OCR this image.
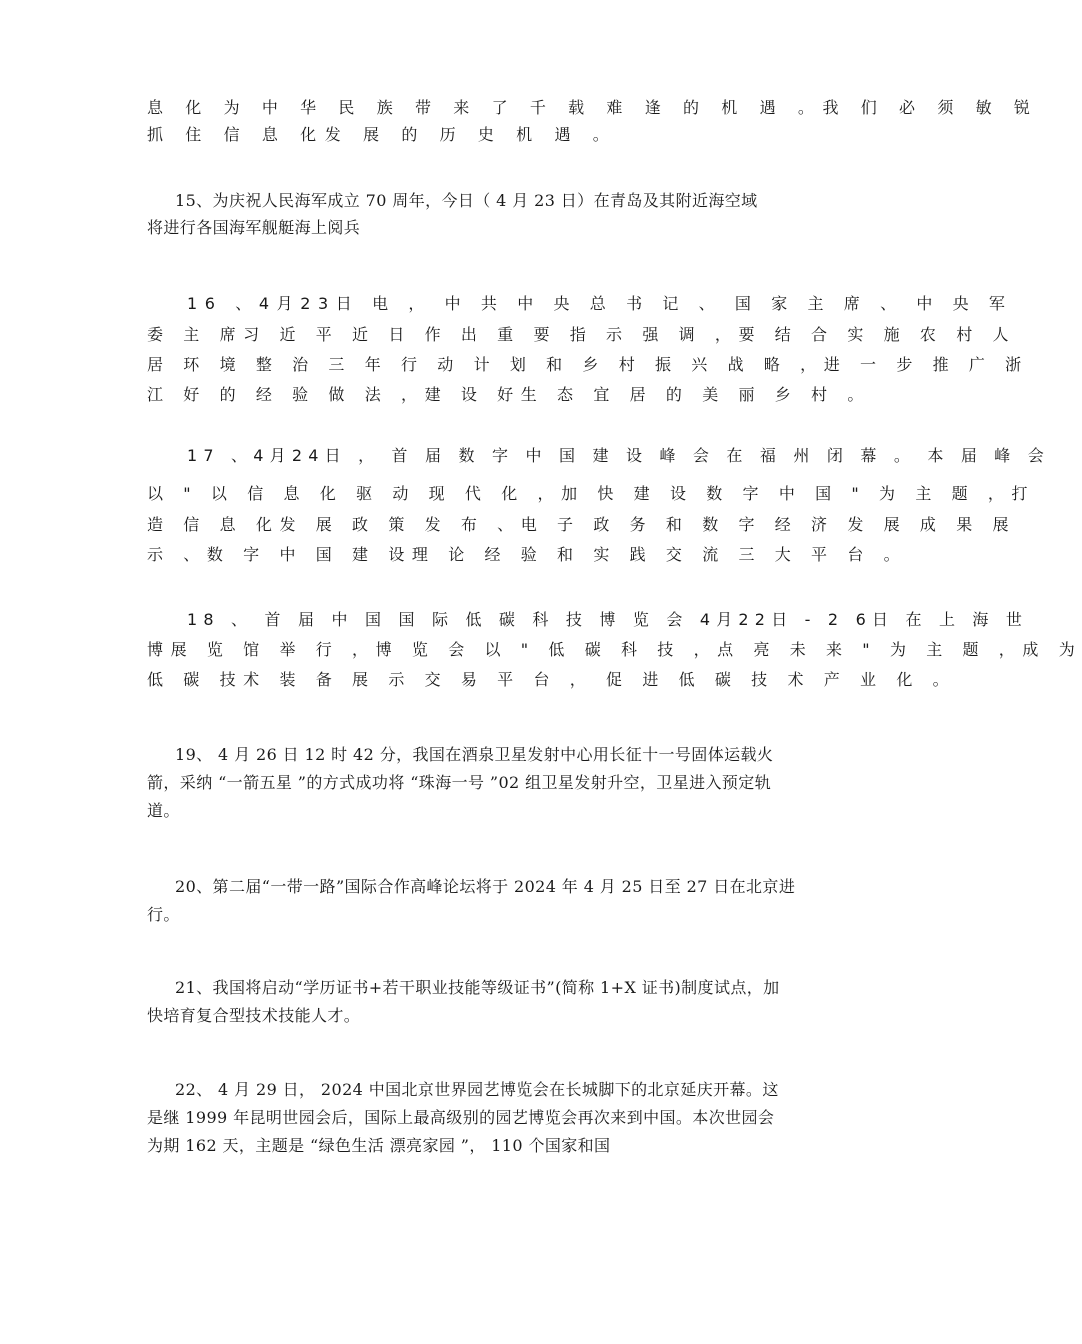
息 化 为 中 华 民 族 带 来 了 千 载 难 逢 的 机 遇 。我 们 必 须 敏 锐
抓 住 信 息 化发 展 的 历 史 机 遇 。
15、为庆祝人民海军成立 70 周年，今日（ 4 月 23 日）在青岛及其附近海空域
将进行各国海军舰艇海上阅兵
16 、4月23日 电 ， 中 共 中 央 总 书 记 、 国 家 主 席 、 中 央 军
委 主 席习 近 平 近 日 作 出 重 要 指 示 强 调 ，要 结 合 实 施 农 村 人
居 环 境 整 治 三 年 行 动 计 划 和 乡 村 振 兴 战 略 ，进 一 步 推 广 浙
江 好 的 经 验 做 法 ，建 设 好生 态 宜 居 的 美 丽 乡 村 。
17 、4月24日 ， 首 届 数 字 中 国 建 设 峰 会 在 福 州 闭 幕 。 本 届 峰 会
以 " 以 信 息 化 驱 动 现 代 化 ，加 快 建 设 数 字 中 国 " 为 主 题 ，打
造 信 息 化发 展 政 策 发 布 、电 子 政 务 和 数 字 经 济 发 展 成 果 展
示 、数 字 中 国 建 设理 论 经 验 和 实 践 交 流 三 大 平 台 。
18 、 首 届 中 国 国 际 低 碳 科 技 博 览 会 4月22日 - 2 6日 在 上 海 世
博展 览 馆 举 行 ，博 览 会 以 " 低 碳 科 技 ，点 亮 未 来 " 为 主 题 ，成 为
低 碳 技术 装 备 展 示 交 易 平 台 ， 促 进 低 碳 技 术 产 业 化 。
19、 4 月 26 日 12 时 42 分，我国在酒泉卫星发射中心用长征十一号固体运载火
箭，采纳 “一箭五星 ”的方式成功将 “珠海一号 ”02 组卫星发射升空，卫星进入预定轨
道。
20、第二届“一带一路”国际合作高峰论坛将于 2024 年 4 月 25 日至 27 日在北京进
行。
21、我国将启动“学历证书+若干职业技能等级证书”(简称 1+X 证书)制度试点，加
快培育复合型技术技能人才。
22、 4 月 29 日， 2024 中国北京世界园艺博览会在长城脚下的北京延庆开幕。这
是继 1999 年昆明世园会后，国际上最高级别的园艺博览会再次来到中国。本次世园会
为期 162 天，主题是 “绿色生活 漂亮家园 ”， 110 个国家和国
